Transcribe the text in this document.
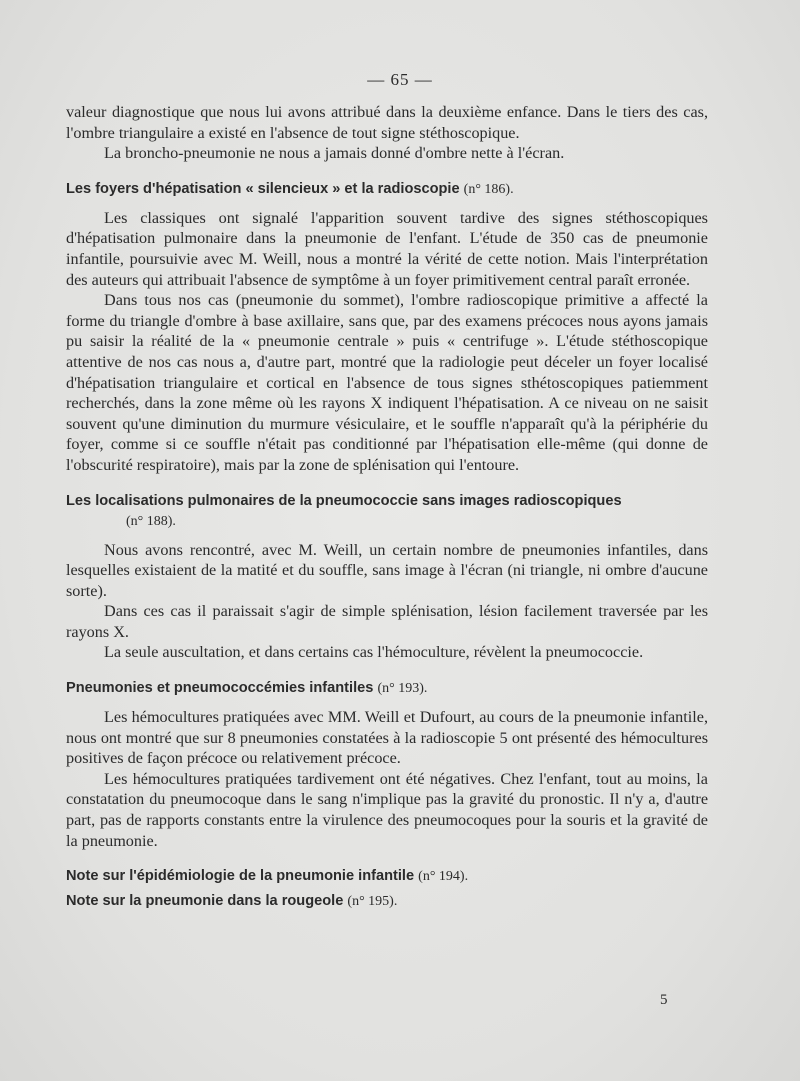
— 65 —

valeur diagnostique que nous lui avons attribué dans la deuxième enfance. Dans le tiers des cas, l'ombre triangulaire a existé en l'absence de tout signe stéthoscopique.

La broncho-pneumonie ne nous a jamais donné d'ombre nette à l'écran.

Les foyers d'hépatisation « silencieux » et la radioscopie (n° 186).

Les classiques ont signalé l'apparition souvent tardive des signes stéthoscopiques d'hépatisation pulmonaire dans la pneumonie de l'enfant. L'étude de 350 cas de pneumonie infantile, poursuivie avec M. Weill, nous a montré la vérité de cette notion. Mais l'interprétation des auteurs qui attribuait l'absence de symptôme à un foyer primitivement central paraît erronée.

Dans tous nos cas (pneumonie du sommet), l'ombre radioscopique primitive a affecté la forme du triangle d'ombre à base axillaire, sans que, par des examens précoces nous ayons jamais pu saisir la réalité de la « pneumonie centrale » puis « centrifuge ». L'étude stéthoscopique attentive de nos cas nous a, d'autre part, montré que la radiologie peut déceler un foyer localisé d'hépatisation triangulaire et cortical en l'absence de tous signes sthétoscopiques patiemment recherchés, dans la zone même où les rayons X indiquent l'hépatisation. A ce niveau on ne saisit souvent qu'une diminution du murmure vésiculaire, et le souffle n'apparaît qu'à la périphérie du foyer, comme si ce souffle n'était pas conditionné par l'hépatisation elle-même (qui donne de l'obscurité respiratoire), mais par la zone de splénisation qui l'entoure.

Les localisations pulmonaires de la pneumococcie sans images radioscopiques
(n° 188).

Nous avons rencontré, avec M. Weill, un certain nombre de pneumonies infantiles, dans lesquelles existaient de la matité et du souffle, sans image à l'écran (ni triangle, ni ombre d'aucune sorte).

Dans ces cas il paraissait s'agir de simple splénisation, lésion facilement traversée par les rayons X.

La seule auscultation, et dans certains cas l'hémoculture, révèlent la pneumococcie.

Pneumonies et pneumococcémies infantiles (n° 193).

Les hémocultures pratiquées avec MM. Weill et Dufourt, au cours de la pneumonie infantile, nous ont montré que sur 8 pneumonies constatées à la radioscopie 5 ont présenté des hémocultures positives de façon précoce ou relativement précoce.

Les hémocultures pratiquées tardivement ont été négatives. Chez l'enfant, tout au moins, la constatation du pneumocoque dans le sang n'implique pas la gravité du pronostic. Il n'y a, d'autre part, pas de rapports constants entre la virulence des pneumocoques pour la souris et la gravité de la pneumonie.

Note sur l'épidémiologie de la pneumonie infantile (n° 194).

Note sur la pneumonie dans la rougeole (n° 195).

5
